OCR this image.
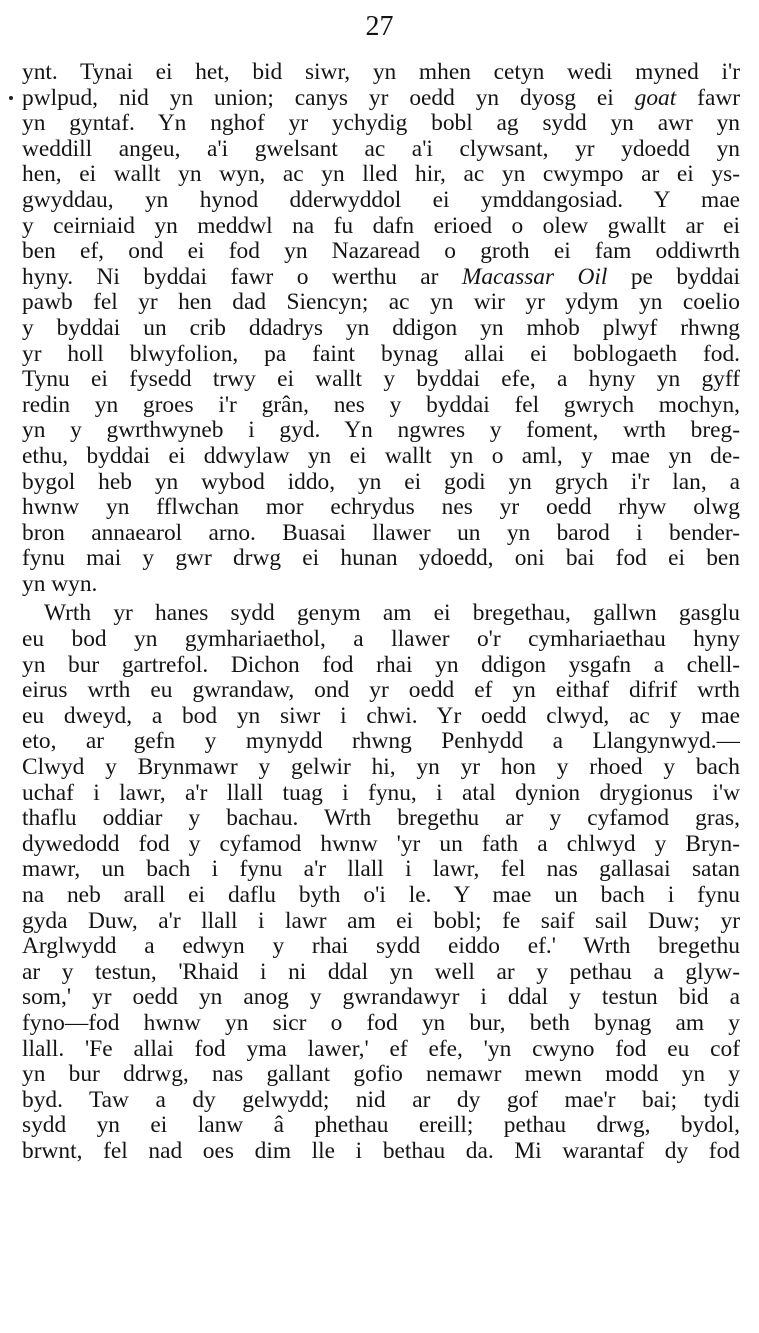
27
ynt. Tynai ei het, bid siwr, yn mhen cetyn wedi myned i'r
pwlpud, nid yn union; canys yr oedd yn dyosg ei goat fawr
yn gyntaf. Yn nghof yr ychydig bobl ag sydd yn awr yn
weddill angeu, a'i gwelsant ac a'i clywsant, yr ydoedd yn
hen, ei wallt yn wyn, ac yn lled hir, ac yn cwympo ar ei ys-
gwyddau, yn hynod dderwyddol ei ymddangosiad. Y mae
y ceirniaid yn meddwl na fu dafn erioed o olew gwallt ar ei
ben ef, ond ei fod yn Nazaread o groth ei fam oddiwrth
hyny. Ni byddai fawr o werthu ar Macassar Oil pe byddai
pawb fel yr hen dad Siencyn; ac yn wir yr ydym yn coelio
y byddai un crib ddadrys yn ddigon yn mhob plwyf rhwng
yr holl blwyfolion, pa faint bynag allai ei boblogaeth fod.
Tynu ei fysedd trwy ei wallt y byddai efe, a hyny yn gyff
redin yn groes i'r grân, nes y byddai fel gwrych mochyn,
yn y gwrthwyneb i gyd. Yn ngwres y foment, wrth breg-
ethu, byddai ei ddwylaw yn ei wallt yn o aml, y mae yn de-
bygol heb yn wybod iddo, yn ei godi yn grych i'r lan, a
hwnw yn fflwchan mor echrydus nes yr oedd rhyw olwg
bron annaearol arno. Buasai llawer un yn barod i bender-
fynu mai y gwr drwg ei hunan ydoedd, oni bai fod ei ben
yn wyn.
Wrth yr hanes sydd genym am ei bregethau, gallwn gasglu
eu bod yn gymhariaethol, a llawer o'r cymhariaethau hyny
yn bur gartrefol. Dichon fod rhai yn ddigon ysgafn a chell-
eirus wrth eu gwrandaw, ond yr oedd ef yn eithaf difrif wrth
eu dweyd, a bod yn siwr i chwi. Yr oedd clwyd, ac y mae
eto, ar gefn y mynydd rhwng Penhydd a Llangynwyd.—
Clwyd y Brynmawr y gelwir hi, yn yr hon y rhoed y bach
uchaf i lawr, a'r llall tuag i fynu, i atal dynion drygionus i'w
thaflu oddiar y bachau. Wrth bregethu ar y cyfamod gras,
dywedodd fod y cyfamod hwnw 'yr un fath a chlwyd y Bryn-
mawr, un bach i fynu a'r llall i lawr, fel nas gallasai satan
na neb arall ei daflu byth o'i le. Y mae un bach i fynu
gyda Duw, a'r llall i lawr am ei bobl; fe saif sail Duw; yr
Arglwydd a edwyn y rhai sydd eiddo ef.' Wrth bregethu
ar y testun, 'Rhaid i ni ddal yn well ar y pethau a glyw-
som,' yr oedd yn anog y gwrandawyr i ddal y testun bid a
fyno—fod hwnw yn sicr o fod yn bur, beth bynag am y
llall. 'Fe allai fod yma lawer,' ef efe, 'yn cwyno fod eu cof
yn bur ddrwg, nas gallant gofio nemawr mewn modd yn y
byd. Taw a dy gelwydd; nid ar dy gof mae'r bai; tydi
sydd yn ei lanw â phethau ereill; pethau drwg, bydol,
brwnt, fel nad oes dim lle i bethau da. Mi warantaf dy fod
